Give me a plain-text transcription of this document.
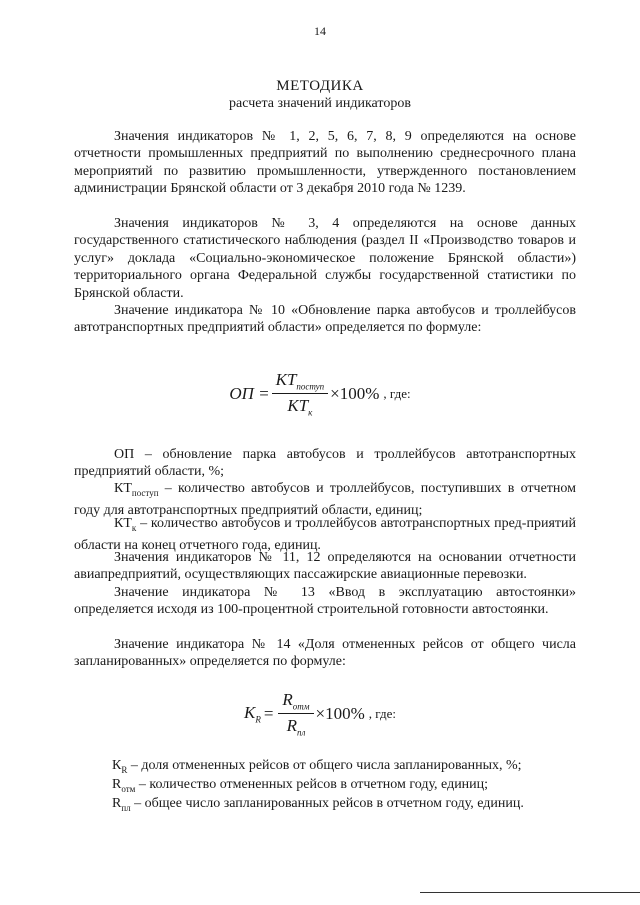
14
МЕТОДИКА
расчета значений индикаторов

Значения индикаторов № 1, 2, 5, 6, 7, 8, 9 определяются на основе отчетности промышленных предприятий по выполнению среднесрочного плана мероприятий по развитию промышленности, утвержденного постановлением администрации Брянской области от 3 декабря 2010 года № 1239.

Значения индикаторов № 3, 4 определяются на основе данных государственного статистического наблюдения (раздел II «Производство товаров и услуг» доклада «Социально-экономическое положение Брянской области») территориального органа Федеральной службы государственной статистики по Брянской области.

Значение индикатора № 10 «Обновление парка автобусов и троллейбусов автотранспортных предприятий области» определяется по формуле:

ОП = $\frac{КТ_{поступ}}{КТ_к} \times 100\%$ , где:

ОП – обновление парка автобусов и троллейбусов автотранспортных предприятий области, %;

$КТ_{поступ}$ – количество автобусов и троллейбусов, поступивших в отчетном году для автотранспортных предприятий области, единиц;

$КТ_к$ – количество автобусов и троллейбусов автотранспортных пред-приятий области на конец отчетного года, единиц.

Значения индикаторов № 11, 12 определяются на основании отчетности авиапредприятий, осуществляющих пассажирские авиационные перевозки.

Значение индикатора № 13 «Ввод в эксплуатацию автостоянки» определяется исходя из 100-процентной строительной готовности автостоянки.

Значение индикатора № 14 «Доля отмененных рейсов от общего числа запланированных» определяется по формуле:

$К_R = \frac{R_{отм}}{R_{пл}} \times 100\%$ , где:

$К_R$ – доля отмененных рейсов от общего числа запланированных, %;

$R_{отм}$ – количество отмененных рейсов в отчетном году, единиц;

$R_{пл}$ – общее число запланированных рейсов в отчетном году, единиц.
